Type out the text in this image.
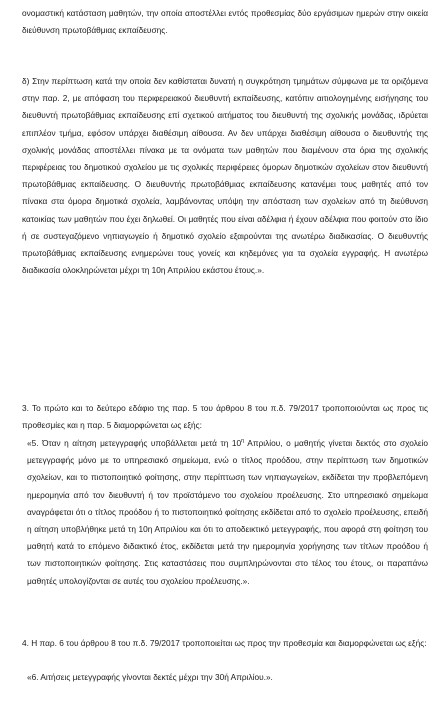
ονομαστική κατάσταση μαθητών, την οποία αποστέλλει εντός προθεσμίας δύο εργάσιμων ημερών στην οικεία διεύθυνση πρωτοβάθμιας εκπαίδευσης.

δ) Στην περίπτωση κατά την οποία δεν καθίσταται δυνατή η συγκρότηση τμημάτων σύμφωνα με τα οριζόμενα στην παρ. 2, με απόφαση του περιφερειακού διευθυντή εκπαίδευσης, κατόπιν αιτιολογημένης εισήγησης του διευθυντή πρωτοβάθμιας εκπαίδευσης επί σχετικού αιτήματος του διευθυντή της σχολικής μονάδας, ιδρύεται επιπλέον τμήμα, εφόσον υπάρχει διαθέσιμη αίθουσα. Αν δεν υπάρχει διαθέσιμη αίθουσα ο διευθυντής της σχολικής μονάδας αποστέλλει πίνακα με τα ονόματα των μαθητών που διαμένουν στα όρια της σχολικής περιφέρειας του δημοτικού σχολείου με τις σχολικές περιφέρειες όμορων δημοτικών σχολείων στον διευθυντή πρωτοβάθμιας εκπαίδευσης. Ο διευθυντής πρωτοβάθμιας εκπαίδευσης κατανέμει τους μαθητές από τον πίνακα στα όμορα δημοτικά σχολεία, λαμβάνοντας υπόψη την απόσταση των σχολείων από τη διεύθυνση κατοικίας των μαθητών που έχει δηλωθεί. Οι μαθητές που είναι αδέλφια ή έχουν αδέλφια που φοιτούν στο ίδιο ή σε συστεγαζόμενο νηπιαγωγείο ή δημοτικό σχολείο εξαιρούνται της ανωτέρω διαδικασίας. Ο διευθυντής πρωτοβάθμιας εκπαίδευσης ενημερώνει τους γονείς και κηδεμόνες για τα σχολεία εγγραφής. Η ανωτέρω διαδικασία ολοκληρώνεται μέχρι τη 10η Απριλίου εκάστου έτους.».

3. Το πρώτο και το δεύτερο εδάφιο της παρ. 5 του άρθρου 8 του π.δ. 79/2017 τροποποιούνται ως προς τις προθεσμίες και η παρ. 5 διαμορφώνεται ως εξής:

«5. Όταν η αίτηση μετεγγραφής υποβάλλεται μετά τη $10^\eta$ Απριλίου, ο μαθητής γίνεται δεκτός στο σχολείο μετεγγραφής μόνο με το υπηρεσιακό σημείωμα, ενώ ο τίτλος προόδου, στην περίπτωση των δημοτικών σχολείων, και το πιστοποιητικό φοίτησης, στην περίπτωση των νηπιαγωγείων, εκδίδεται την προβλεπόμενη ημερομηνία από τον διευθυντή ή τον προϊστάμενο του σχολείου προέλευσης. Στο υπηρεσιακό σημείωμα αναγράφεται ότι ο τίτλος προόδου ή το πιστοποιητικό φοίτησης εκδίδεται από το σχολείο προέλευσης, επειδή η αίτηση υποβλήθηκε μετά τη 10η Απριλίου και ότι το αποδεικτικό μετεγγραφής, που αφορά στη φοίτηση του μαθητή κατά το επόμενο διδακτικό έτος, εκδίδεται μετά την ημερομηνία χορήγησης των τίτλων προόδου ή των πιστοποιητικών φοίτησης. Στις καταστάσεις που συμπληρώνονται στο τέλος του έτους, οι παραπάνω μαθητές υπολογίζονται σε αυτές του σχολείου προέλευσης.».

4. Η παρ. 6 του άρθρου 8 του π.δ. 79/2017 τροποποιείται ως προς την προθεσμία και διαμορφώνεται ως εξής:

«6. Αιτήσεις μετεγγραφής γίνονται δεκτές μέχρι την 30ή Απριλίου.».
